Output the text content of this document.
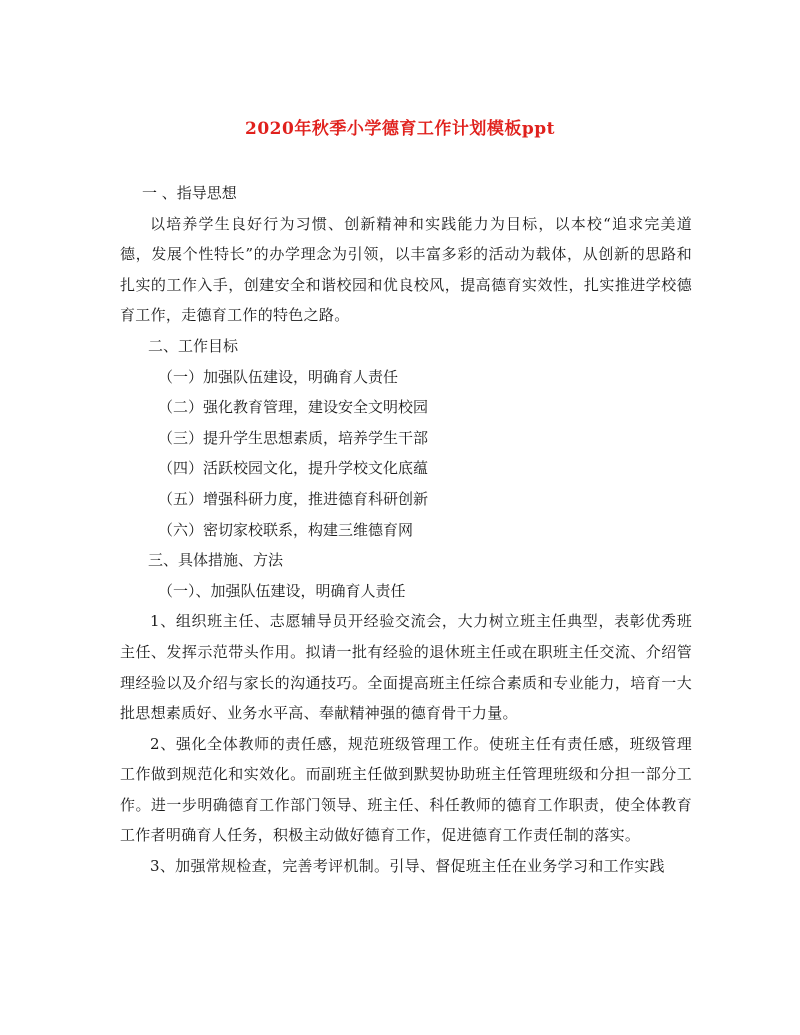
2020年秋季小学德育工作计划模板ppt

一 、指导思想

以培养学生良好行为习惯、创新精神和实践能力为目标，以本校“追求完美道德，发展个性特长”的办学理念为引领，以丰富多彩的活动为载体，从创新的思路和扎实的工作入手，创建安全和谐校园和优良校风，提高德育实效性，扎实推进学校德育工作，走德育工作的特色之路。

二、工作目标

（一）加强队伍建设，明确育人责任

（二）强化教育管理，建设安全文明校园

（三）提升学生思想素质，培养学生干部

（四）活跃校园文化，提升学校文化底蕴

（五）增强科研力度，推进德育科研创新

（六）密切家校联系，构建三维德育网

三、具体措施、方法

（一）、加强队伍建设，明确育人责任

1、组织班主任、志愿辅导员开经验交流会，大力树立班主任典型，表彰优秀班主任、发挥示范带头作用。拟请一批有经验的退休班主任或在职班主任交流、介绍管理经验以及介绍与家长的沟通技巧。全面提高班主任综合素质和专业能力，培育一大批思想素质好、业务水平高、奉献精神强的德育骨干力量。

2、强化全体教师的责任感，规范班级管理工作。使班主任有责任感，班级管理工作做到规范化和实效化。而副班主任做到默契协助班主任管理班级和分担一部分工作。进一步明确德育工作部门领导、班主任、科任教师的德育工作职责，使全体教育工作者明确育人任务，积极主动做好德育工作，促进德育工作责任制的落实。

3、加强常规检查，完善考评机制。引导、督促班主任在业务学习和工作实践
